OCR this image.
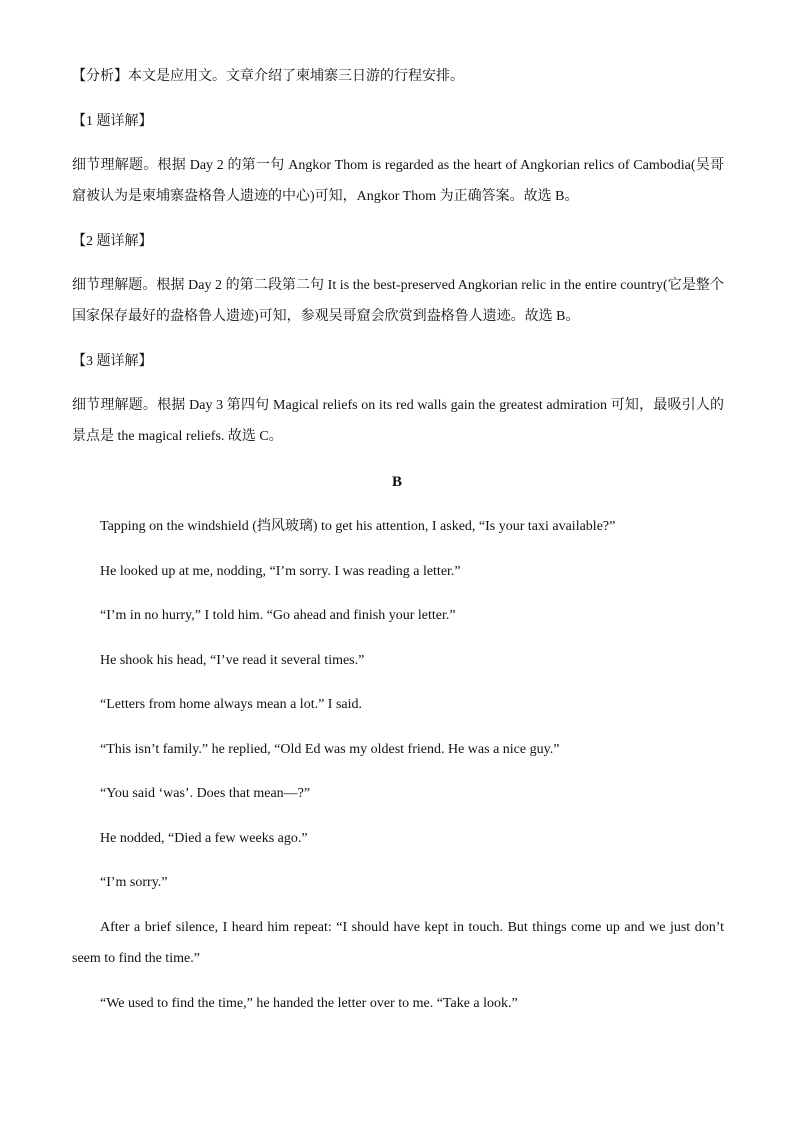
【分析】本文是应用文。文章介绍了柬埔寨三日游的行程安排。
【1 题详解】
细节理解题。根据 Day 2 的第一句 Angkor Thom is regarded as the heart of Angkorian relics of Cambodia(吴哥
窟被认为是柬埔寨盎格鲁人遗迹的中心)可知，Angkor Thom 为正确答案。故选 B。
【2 题详解】
细节理解题。根据 Day 2 的第二段第二句 It is the best-preserved Angkorian relic in the entire country(它是整个
国家保存最好的盎格鲁人遗迹)可知，参观吴哥窟会欣赏到盎格鲁人遗迹。故选 B。
【3 题详解】
细节理解题。根据 Day 3 第四句 Magical reliefs on its red walls gain the greatest admiration 可知，最吸引人的
景点是 the magical reliefs. 故选 C。
B
Tapping on the windshield (挡风玻璃) to get his attention, I asked, “Is your taxi available?”
He looked up at me, nodding, “I’m sorry. I was reading a letter.”
“I’m in no hurry,” I told him. “Go ahead and finish your letter.”
He shook his head, “I’ve read it several times.”
“Letters from home always mean a lot.” I said.
“This isn’t family.” he replied, “Old Ed was my oldest friend. He was a nice guy.”
“You said ‘was’. Does that mean—?”
He nodded, “Died a few weeks ago.”
“I’m sorry.”
After a brief silence, I heard him repeat: “I should have kept in touch. But things come up and we just don’t
seem to find the time.”
“We used to find the time,” he handed the letter over to me. “Take a look.”
